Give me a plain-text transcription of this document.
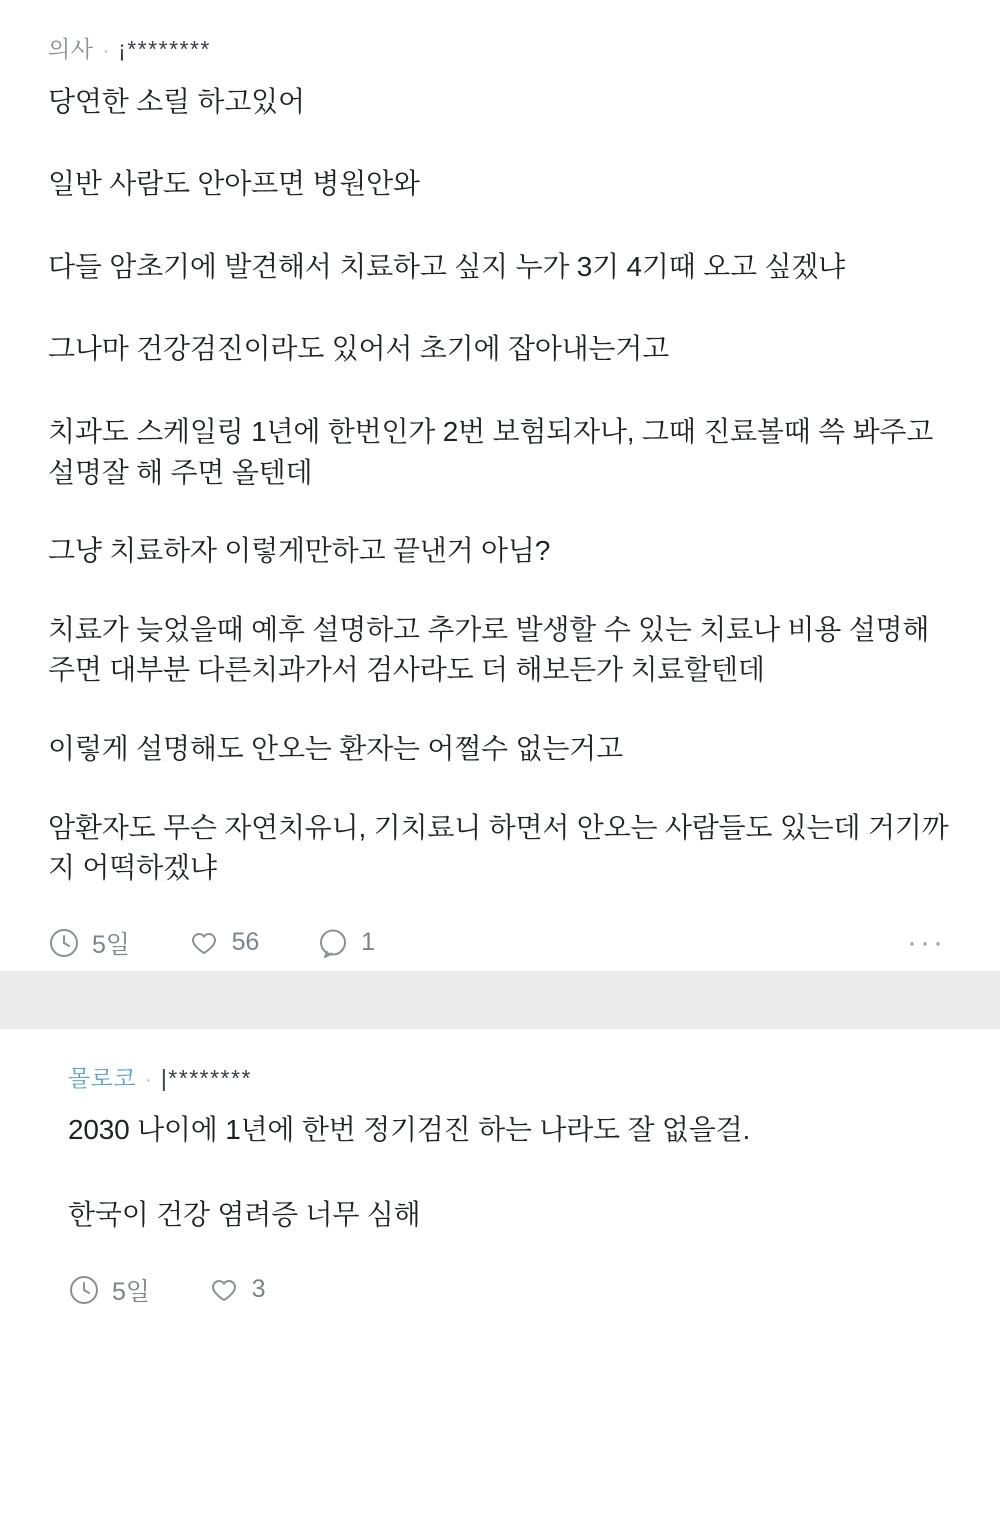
의사 · ¡********

당연한 소릴 하고있어

일반 사람도 안아프면 병원안와

다들 암초기에 발견해서 치료하고 싶지 누가 3기 4기때 오고 싶겠냐

그나마 건강검진이라도 있어서 초기에 잡아내는거고

치과도 스케일링 1년에 한번인가 2번 보험되자나, 그때 진료볼때 쓱 봐주고 설명잘 해 주면 올텐데

그냥 치료하자 이렇게만하고 끝낸거 아님?

치료가 늦었을때 예후 설명하고 추가로 발생할 수 있는 치료나 비용 설명해주면 대부분 다른치과가서 검사라도 더 해보든가 치료할텐데

이렇게 설명해도 안오는 환자는 어쩔수 없는거고

암환자도 무슨 자연치유니, 기치료니 하면서 안오는 사람들도 있는데 거기까지 어떡하겠냐

5일	56	1	···
몰로코 · |********

2030 나이에 1년에 한번 정기검진 하는 나라도 잘 없을걸.

한국이 건강 염려증 너무 심해

5일	3
